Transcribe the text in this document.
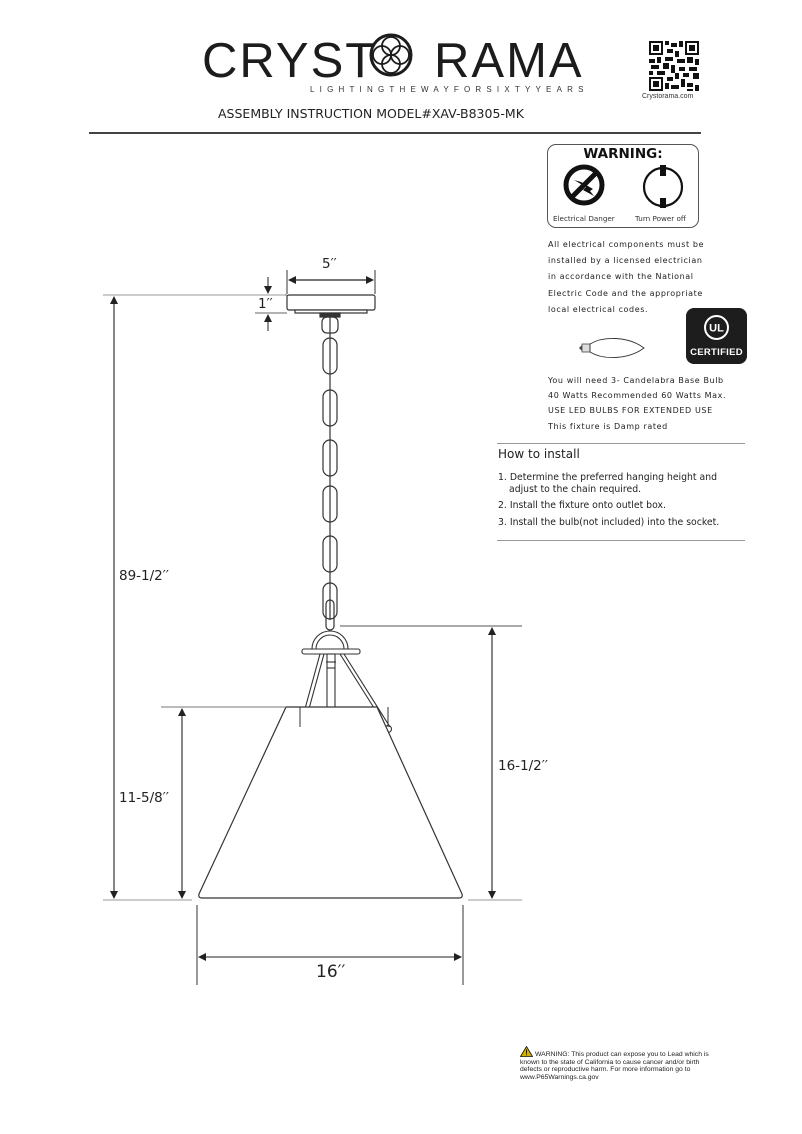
CRYST RAMA
LIGHTINGTHEWAYFORSIXTYYEARS
Crystorama.com
ASSEMBLY INSTRUCTION MODEL#XAV-B8305-MK
WARNING:
Electrical Danger	Turn Power off

All electrical components must be

installed by a licensed electrician

in accordance with the National

Electric Code and the appropriate

local electrical codes.

UL
CERTIFIED

You will need 3- Candelabra Base Bulb

40 Watts Recommended 60 Watts Max.

USE LED BULBS FOR EXTENDED USE

This fixture is Damp rated

How to install
1. Determine the preferred hanging height and adjust to the chain required.
2. Install the fixture onto outlet box.
3. Install the bulb(not included) into the socket.
5′′
1′′
89-1/2′′
11-5/8′′
16-1/2′′
16′′
WARNING: This product can expose you to Lead which is known to the state of California to cause cancer and/or birth defects or reproductive harm. For more information go to www.P65Warnings.ca.gov
